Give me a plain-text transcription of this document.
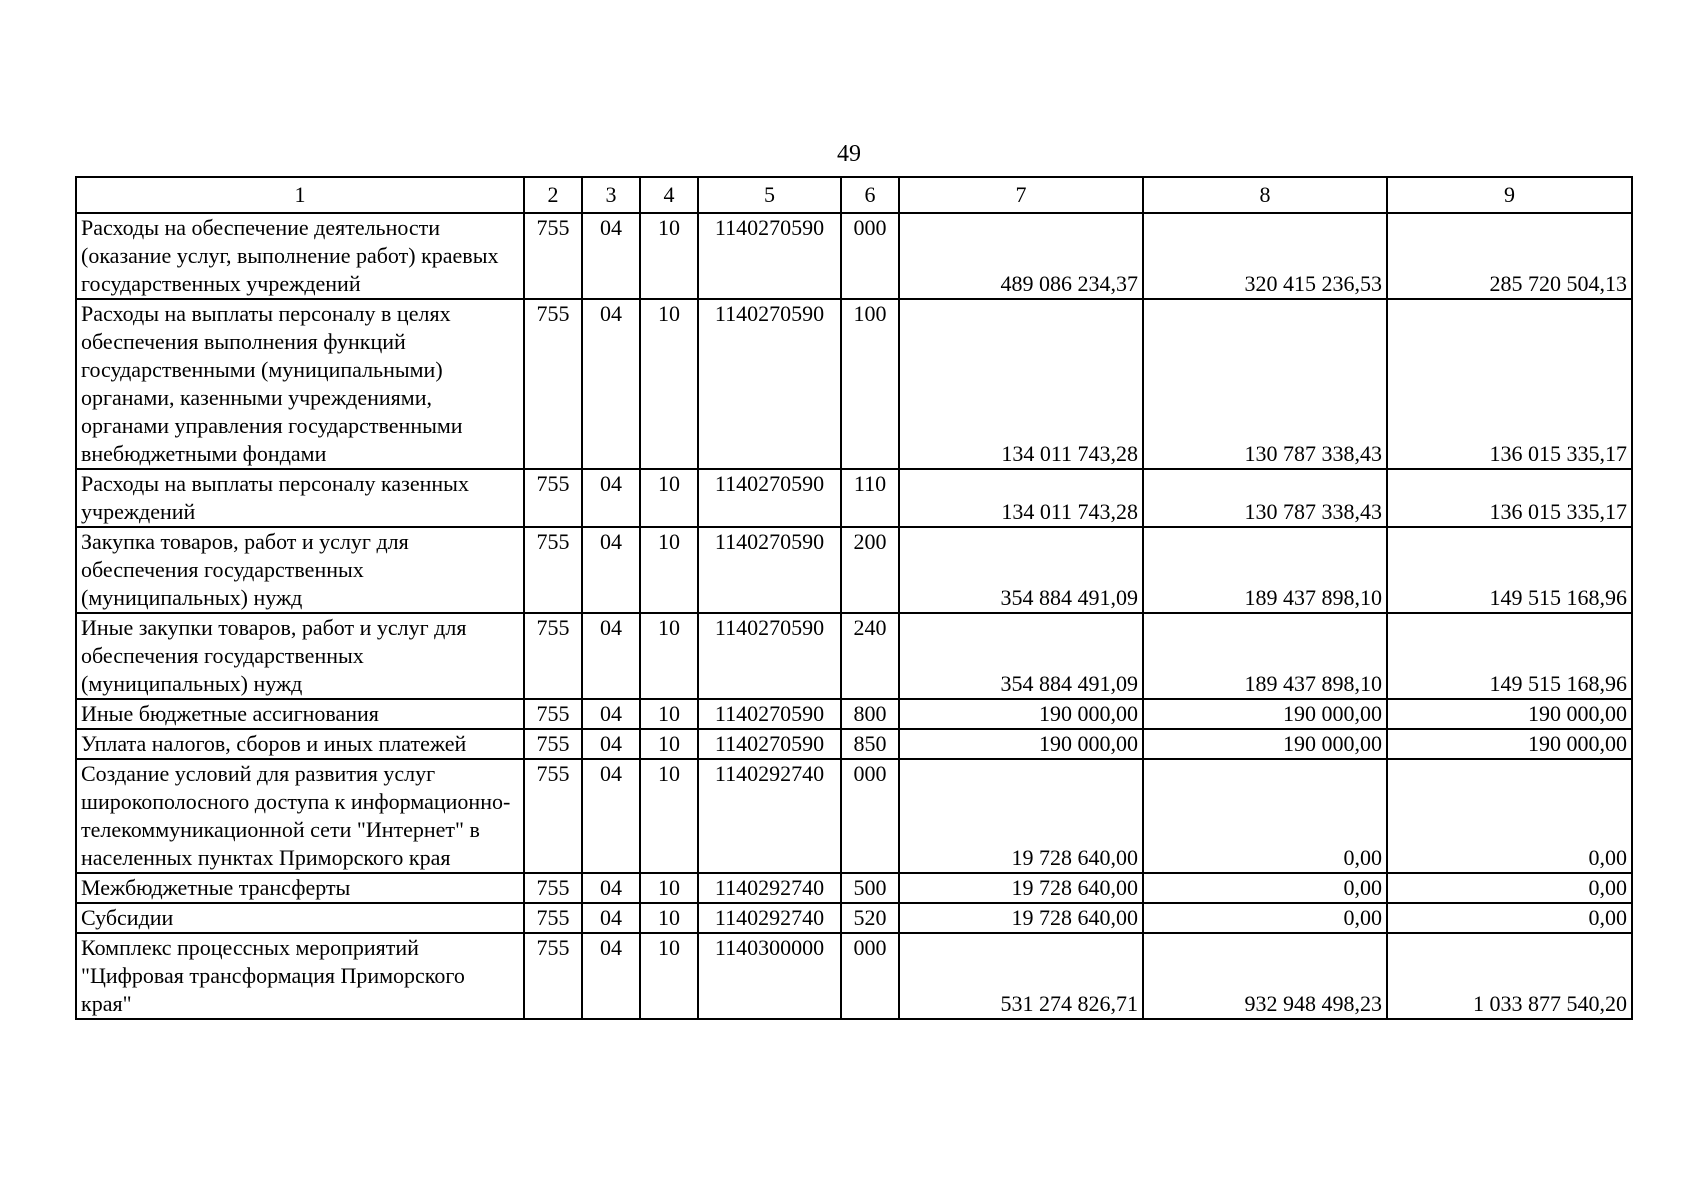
49
1	2	3	4	5	6	7	8	9
Расходы на обеспечение деятельности (оказание услуг, выполнение работ) краевых государственных учреждений	755	04	10	1140270590	000	489 086 234,37	320 415 236,53	285 720 504,13
Расходы на выплаты персоналу в целях обеспечения выполнения функций государственными (муниципальными) органами, казенными учреждениями, органами управления государственными внебюджетными фондами	755	04	10	1140270590	100	134 011 743,28	130 787 338,43	136 015 335,17
Расходы на выплаты персоналу казенных учреждений	755	04	10	1140270590	110	134 011 743,28	130 787 338,43	136 015 335,17
Закупка товаров, работ и услуг для обеспечения государственных (муниципальных) нужд	755	04	10	1140270590	200	354 884 491,09	189 437 898,10	149 515 168,96
Иные закупки товаров, работ и услуг для обеспечения государственных (муниципальных) нужд	755	04	10	1140270590	240	354 884 491,09	189 437 898,10	149 515 168,96
Иные бюджетные ассигнования	755	04	10	1140270590	800	190 000,00	190 000,00	190 000,00
Уплата налогов, сборов и иных платежей	755	04	10	1140270590	850	190 000,00	190 000,00	190 000,00
Создание условий для развития услуг широкополосного доступа к информационно-телекоммуникационной сети "Интернет" в населенных пунктах Приморского края	755	04	10	1140292740	000	19 728 640,00	0,00	0,00
Межбюджетные трансферты	755	04	10	1140292740	500	19 728 640,00	0,00	0,00
Субсидии	755	04	10	1140292740	520	19 728 640,00	0,00	0,00
Комплекс процессных мероприятий "Цифровая трансформация Приморского края"	755	04	10	1140300000	000	531 274 826,71	932 948 498,23	1 033 877 540,20
